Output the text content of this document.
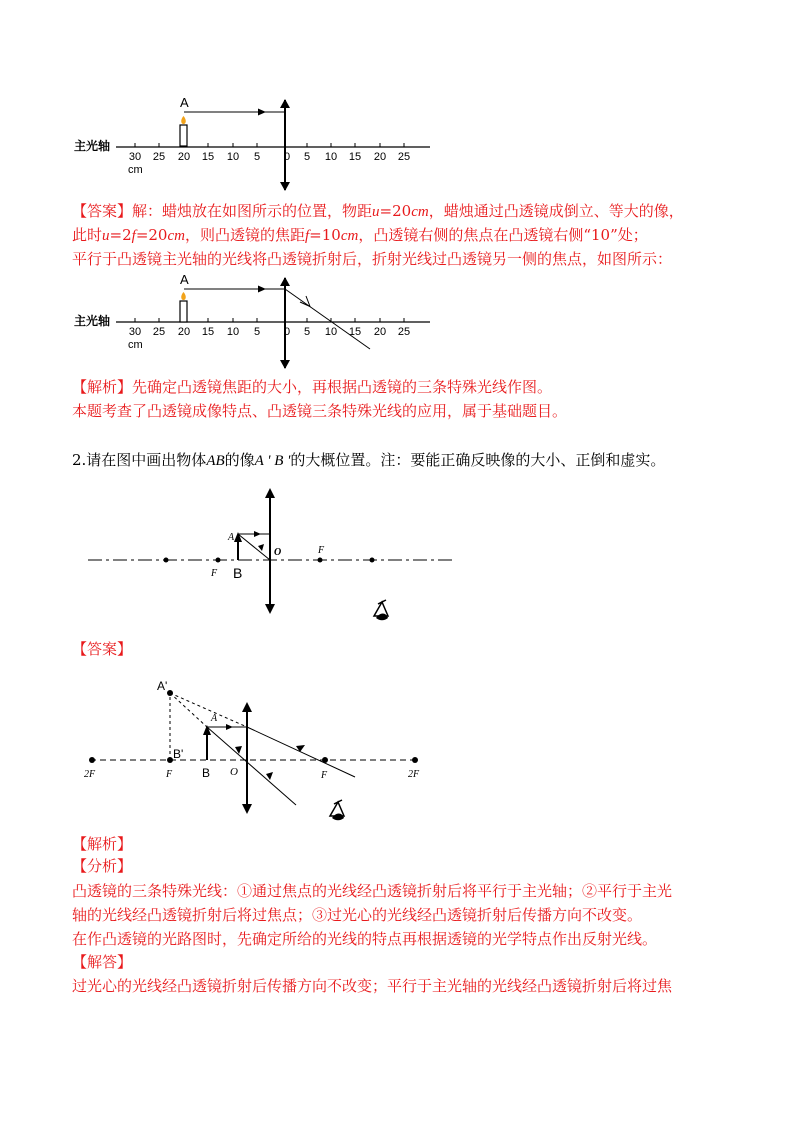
主光轴
30 25 20 15 10 5 0 5 10 15 20 25
cm
A
【答案】解：蜡烛放在如图所示的位置，物距u=20cm，蜡烛通过凸透镜成倒立、等大的像，
此时u=2f=20cm，则凸透镜的焦距f=10cm，凸透镜右侧的焦点在凸透镜右侧“10”处；
平行于凸透镜主光轴的光线将凸透镜折射后，折射光线过凸透镜另一侧的焦点，如图所示：
主光轴
30 25 20 15 10 5 0 5 10 15 20 25
cm
A
【解析】先确定凸透镜焦距的大小，再根据凸透镜的三条特殊光线作图。
本题考查了凸透镜成像特点、凸透镜三条特殊光线的应用，属于基础题目。
2.请在图中画出物体AB的像A ' B '的大概位置。注：要能正确反映像的大小、正倒和虚实。
A
B
F
O	F
【答案】
A'
A
B'
B
2F	F	O	F	2F
【解析】
【分析】
凸透镜的三条特殊光线：①通过焦点的光线经凸透镜折射后将平行于主光轴；②平行于主光
轴的光线经凸透镜折射后将过焦点；③过光心的光线经凸透镜折射后传播方向不改变。
在作凸透镜的光路图时，先确定所给的光线的特点再根据透镜的光学特点作出反射光线。
【解答】
过光心的光线经凸透镜折射后传播方向不改变；平行于主光轴的光线经凸透镜折射后将过焦
